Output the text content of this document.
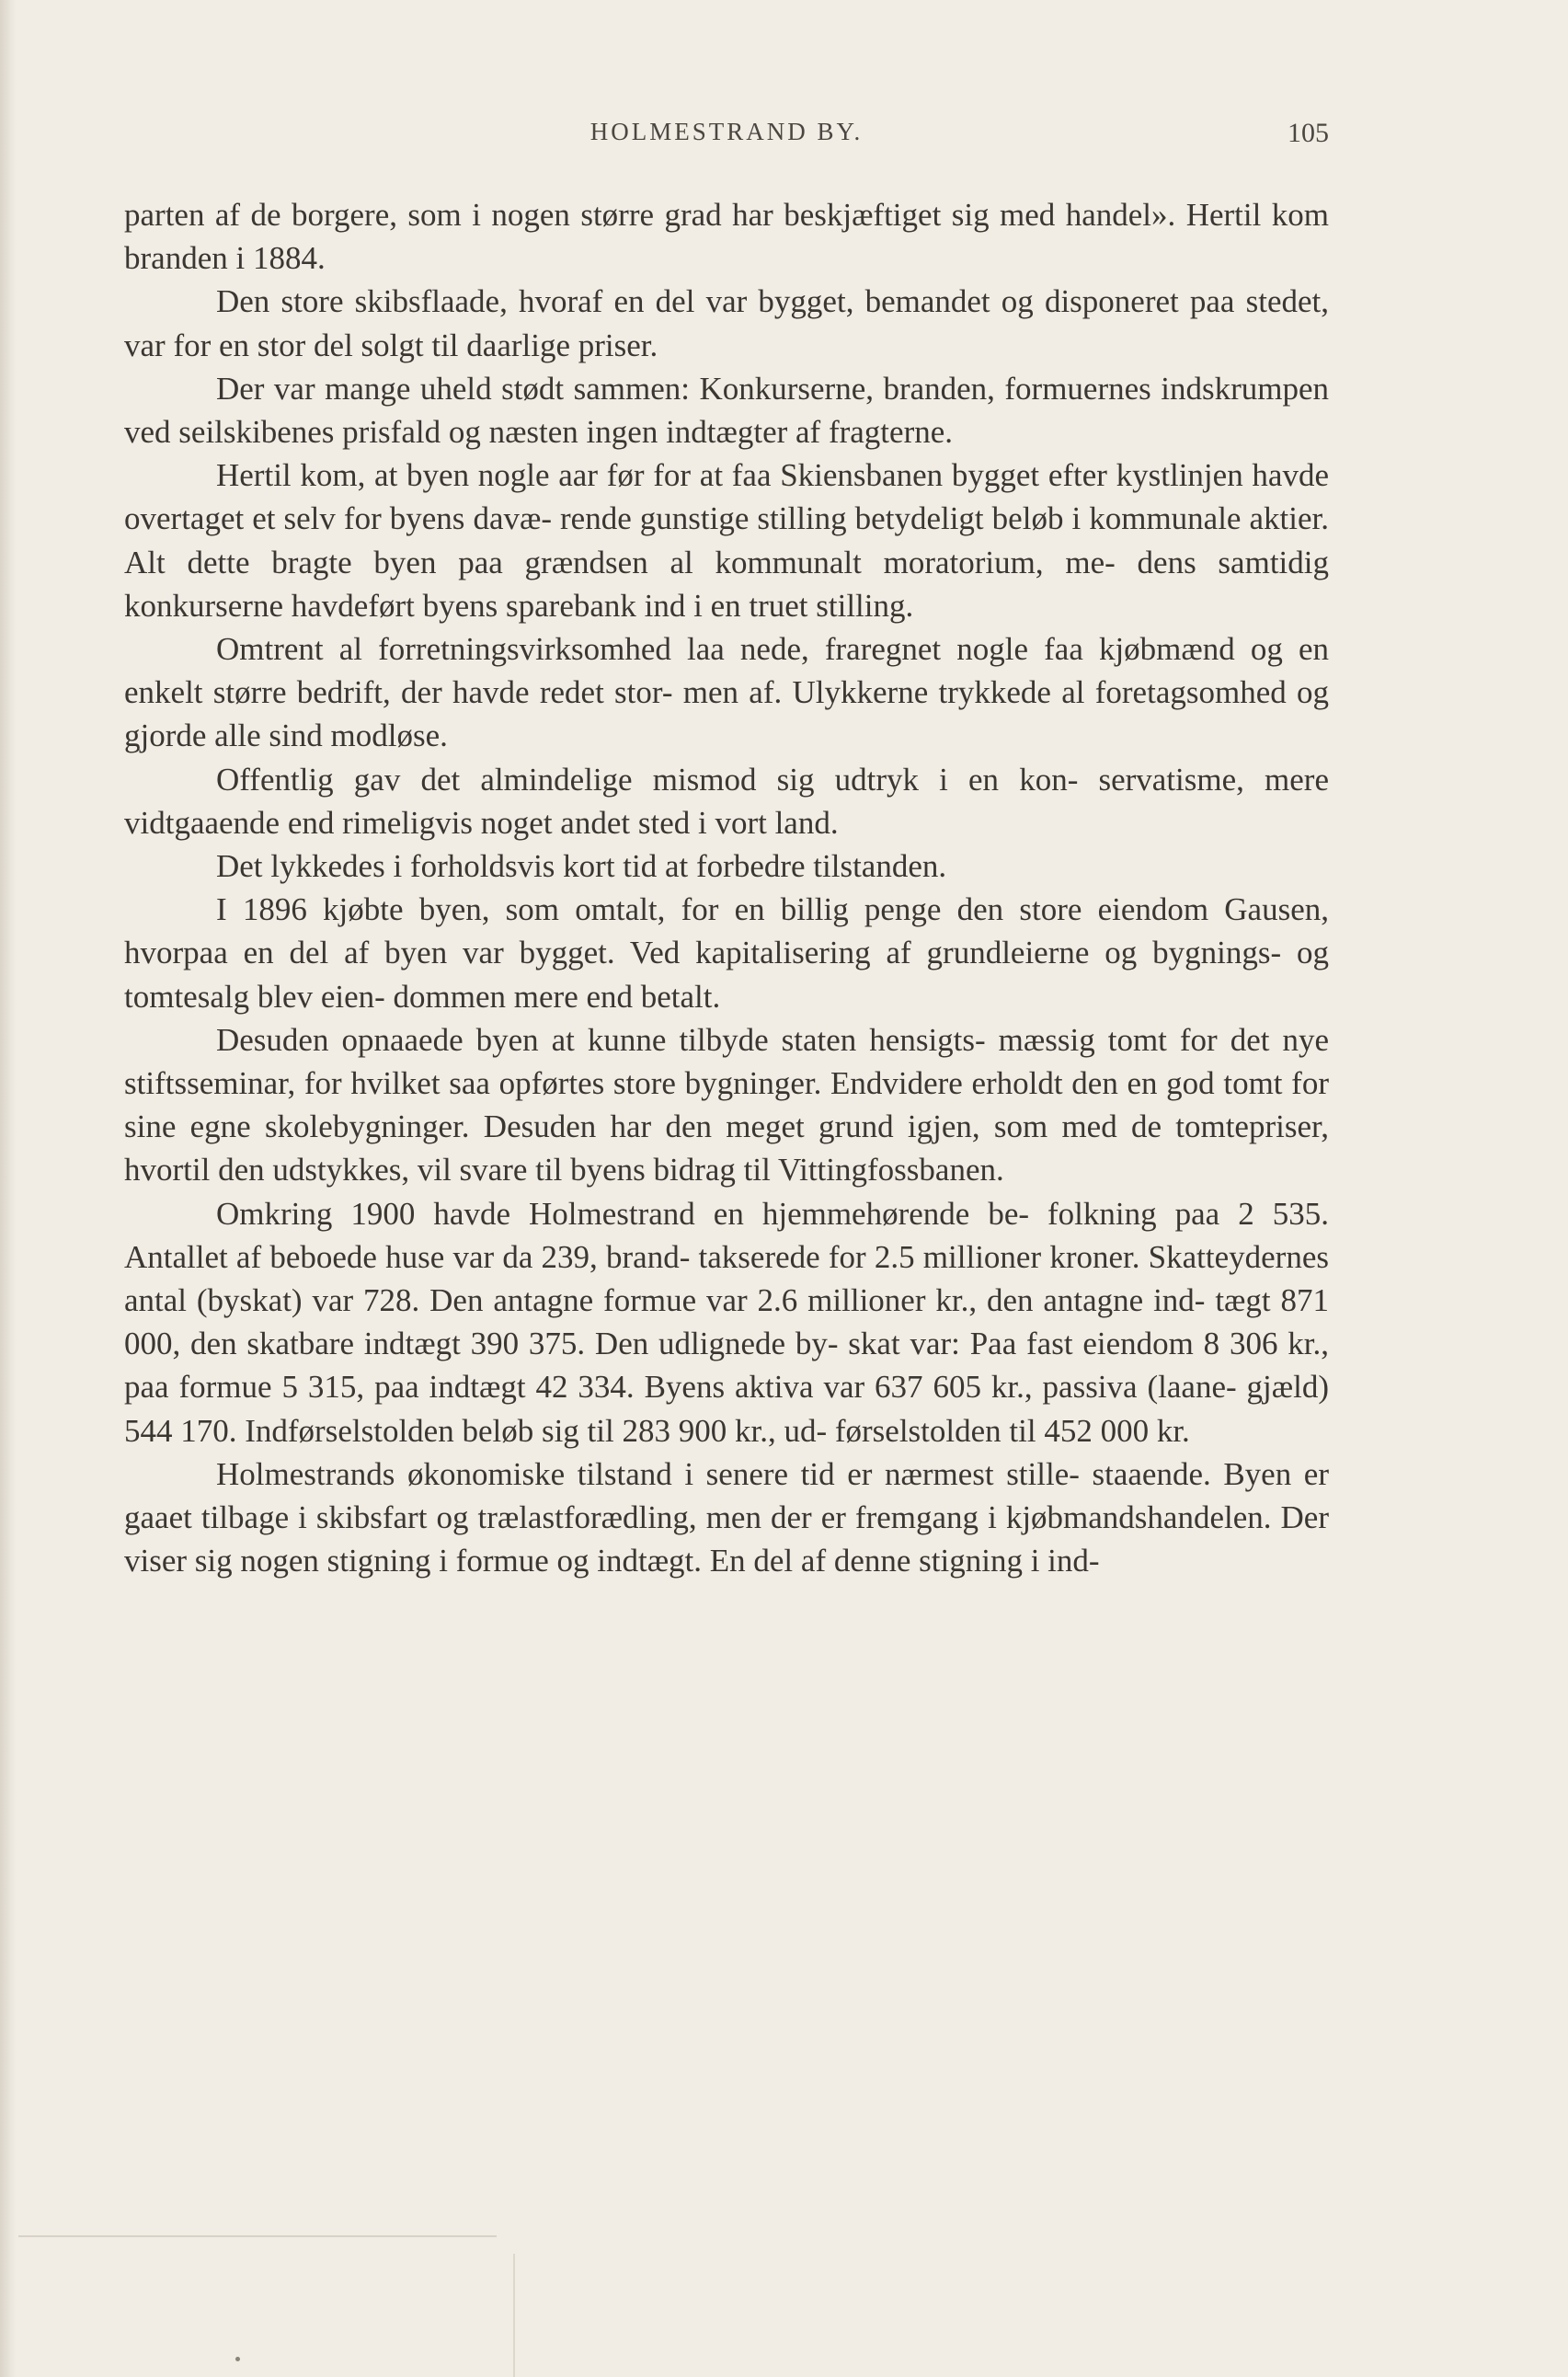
HOLMESTRAND BY.	105

parten af de borgere, som i nogen større grad har beskjæftiget sig med handel». Hertil kom branden i 1884.

Den store skibsflaade, hvoraf en del var bygget, bemandet og disponeret paa stedet, var for en stor del solgt til daarlige priser.

Der var mange uheld stødt sammen: Konkurserne, branden, formuernes indskrumpen ved seilskibenes prisfald og næsten ingen indtægter af fragterne.

Hertil kom, at byen nogle aar før for at faa Skiensbanen bygget efter kystlinjen havde overtaget et selv for byens davæ- rende gunstige stilling betydeligt beløb i kommunale aktier. Alt dette bragte byen paa grændsen al kommunalt moratorium, me- dens samtidig konkurserne havdeført byens sparebank ind i en truet stilling.

Omtrent al forretningsvirksomhed laa nede, fraregnet nogle faa kjøbmænd og en enkelt større bedrift, der havde redet stor- men af. Ulykkerne trykkede al foretagsomhed og gjorde alle sind modløse.

Offentlig gav det almindelige mismod sig udtryk i en kon- servatisme, mere vidtgaaende end rimeligvis noget andet sted i vort land.

Det lykkedes i forholdsvis kort tid at forbedre tilstanden.

I 1896 kjøbte byen, som omtalt, for en billig penge den store eiendom Gausen, hvorpaa en del af byen var bygget. Ved kapitalisering af grundleierne og bygnings- og tomtesalg blev eien- dommen mere end betalt.

Desuden opnaaede byen at kunne tilbyde staten hensigts- mæssig tomt for det nye stiftsseminar, for hvilket saa opførtes store bygninger. Endvidere erholdt den en god tomt for sine egne skolebygninger. Desuden har den meget grund igjen, som med de tomtepriser, hvortil den udstykkes, vil svare til byens bidrag til Vittingfossbanen.

Omkring 1900 havde Holmestrand en hjemmehørende be- folkning paa 2 535. Antallet af beboede huse var da 239, brand- takserede for 2.5 millioner kroner. Skatteydernes antal (byskat) var 728. Den antagne formue var 2.6 millioner kr., den antagne ind- tægt 871 000, den skatbare indtægt 390 375. Den udlignede by- skat var: Paa fast eiendom 8 306 kr., paa formue 5 315, paa indtægt 42 334. Byens aktiva var 637 605 kr., passiva (laane- gjæld) 544 170. Indførselstolden beløb sig til 283 900 kr., ud- førselstolden til 452 000 kr.

Holmestrands økonomiske tilstand i senere tid er nærmest stille- staaende. Byen er gaaet tilbage i skibsfart og trælastforædling, men der er fremgang i kjøbmandshandelen. Der viser sig nogen stigning i formue og indtægt. En del af denne stigning i ind-
